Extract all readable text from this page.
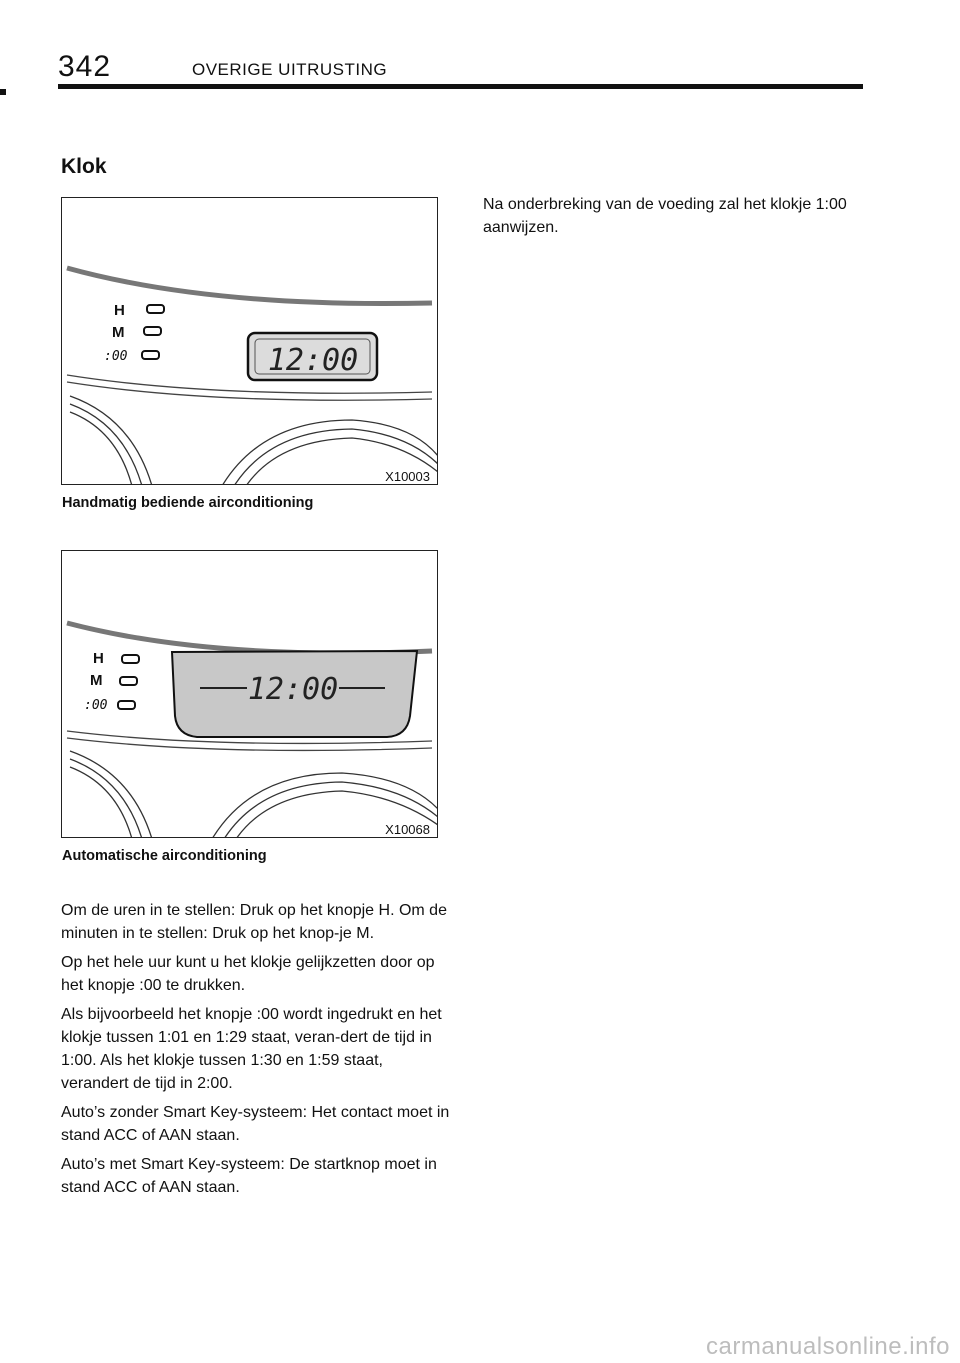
342	OVERIGE UITRUSTING
Klok
H
M
:00	12:00
X10003
Handmatig bediende airconditioning
H
M
:00	12:00
X10068
Automatische airconditioning

Om de uren in te stellen: Druk op het knopje H. Om de minuten in te stellen: Druk op het knop-je M.

Op het hele uur kunt u het klokje gelijkzetten door op het knopje :00 te drukken.

Als bijvoorbeeld het knopje :00 wordt ingedrukt en het klokje tussen 1:01 en 1:29 staat, veran-dert de tijd in 1:00. Als het klokje tussen 1:30 en 1:59 staat, verandert de tijd in 2:00.

Auto’s zonder Smart Key‑systeem: Het contact moet in stand ACC of AAN staan.

Auto’s met Smart Key‑systeem: De startknop moet in stand ACC of AAN staan.

Na onderbreking van de voeding zal het klokje 1:00 aanwijzen.

carmanualsonline.info
